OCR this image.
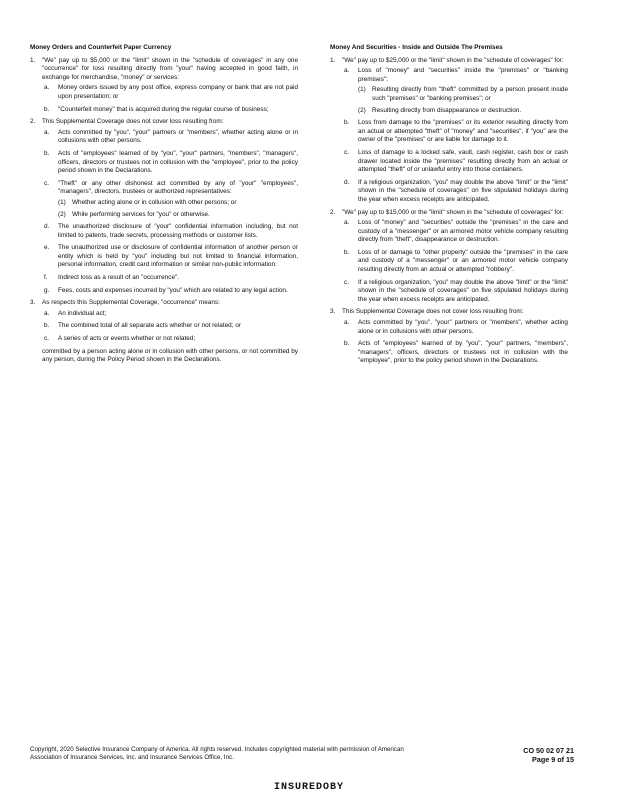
Money Orders and Counterfeit Paper Currency
1. "We" pay up to $5,000 or the "limit" shown in the "schedule of coverages" in any one "occurrence" for loss resulting directly from "your" having accepted in good faith, in exchange for merchandise, "money" or services:
a. Money orders issued by any post office, express company or bank that are not paid upon presentation; or
b. "Counterfeit money" that is acquired during the regular course of business;
2. This Supplemental Coverage does not cover loss resulting from:
a. Acts committed by "you", "your" partners or "members", whether acting alone or in collusions with other persons.
b. Acts of "employees" learned of by "you", "your" partners, "members", "managers", officers, directors or trustees not in collusion with the "employee", prior to the policy period shown in the Declarations.
c. "Theft" or any other dishonest act committed by any of "your" "employees", "managers", directors, trustees or authorized representatives:
(1) Whether acting alone or in collusion with other persons; or
(2) While performing services for "you" or otherwise.
d. The unauthorized disclosure of "your" confidential information including, but not limited to patents, trade secrets, processing methods or customer lists.
e. The unauthorized use or disclosure of confidential information of another person or entity which is held by "you" including but not limited to financial information, personal information, credit card information or similar non-public information.
f. Indirect loss as a result of an "occurrence".
g. Fees, costs and expenses incurred by "you" which are related to any legal action.
3. As respects this Supplemental Coverage, "occurrence" means:
a. An individual act;
b. The combined total of all separate acts whether or not related; or
c. A series of acts or events whether or not related;
committed by a person acting alone or in collusion with other persons, or not committed by any person, during the Policy Period shown in the Declarations.
Money And Securities - Inside and Outside The Premises
1. "We" pay up to $25,000 or the "limit" shown in the "schedule of coverages" for:
a. Loss of "money" and "securities" inside the "premises" or "banking premises":
(1) Resulting directly from "theft" committed by a person present inside such "premises" or "banking premises"; or
(2) Resulting directly from disappearance or destruction.
b. Loss from damage to the "premises" or its exterior resulting directly from an actual or attempted "theft" of "money" and "securities", if "you" are the owner of the "premises" or are liable for damage to it.
c. Loss of damage to a locked safe, vault, cash register, cash box or cash drawer located inside the "premises" resulting directly from an actual or attempted "theft" of or unlawful entry into those containers.
d. If a religious organization, "you" may double the above "limit" or the "limit" shown in the "schedule of coverages" on five stipulated holidays during the year when excess receipts are anticipated.
2. "We" pay up to $15,000 or the "limit" shown in the "schedule of coverages" for:
a. Loss of "money" and "securities" outside the "premises" in the care and custody of a "messenger" or an armored motor vehicle company resulting directly from "theft", disappearance or destruction.
b. Loss of or damage to "other property" outside the "premises" in the care and custody of a "messenger" or an armored motor vehicle company resulting directly from an actual or attempted "robbery".
c. If a religious organization, "you" may double the above "limit" or the "limit" shown in the "schedule of coverages" on five stipulated holidays during the year when excess receipts are anticipated.
3. This Supplemental Coverage does not cover loss resulting from:
a. Acts committed by "you", "your" partners or "members", whether acting alone or in collusions with other persons.
b. Acts of "employees" learned of by "you", "your" partners, "members", "managers", officers, directors or trustees not in collusion with the "employee", prior to the policy period shown in the Declarations.
Copyright, 2020 Selective Insurance Company of America. All rights reserved. Includes copyrighted material with permission of American Association of Insurance Services, Inc. and Insurance Services Office, Inc.
CO 50 02 07 21
Page 9 of 15
INSUREDOBY
